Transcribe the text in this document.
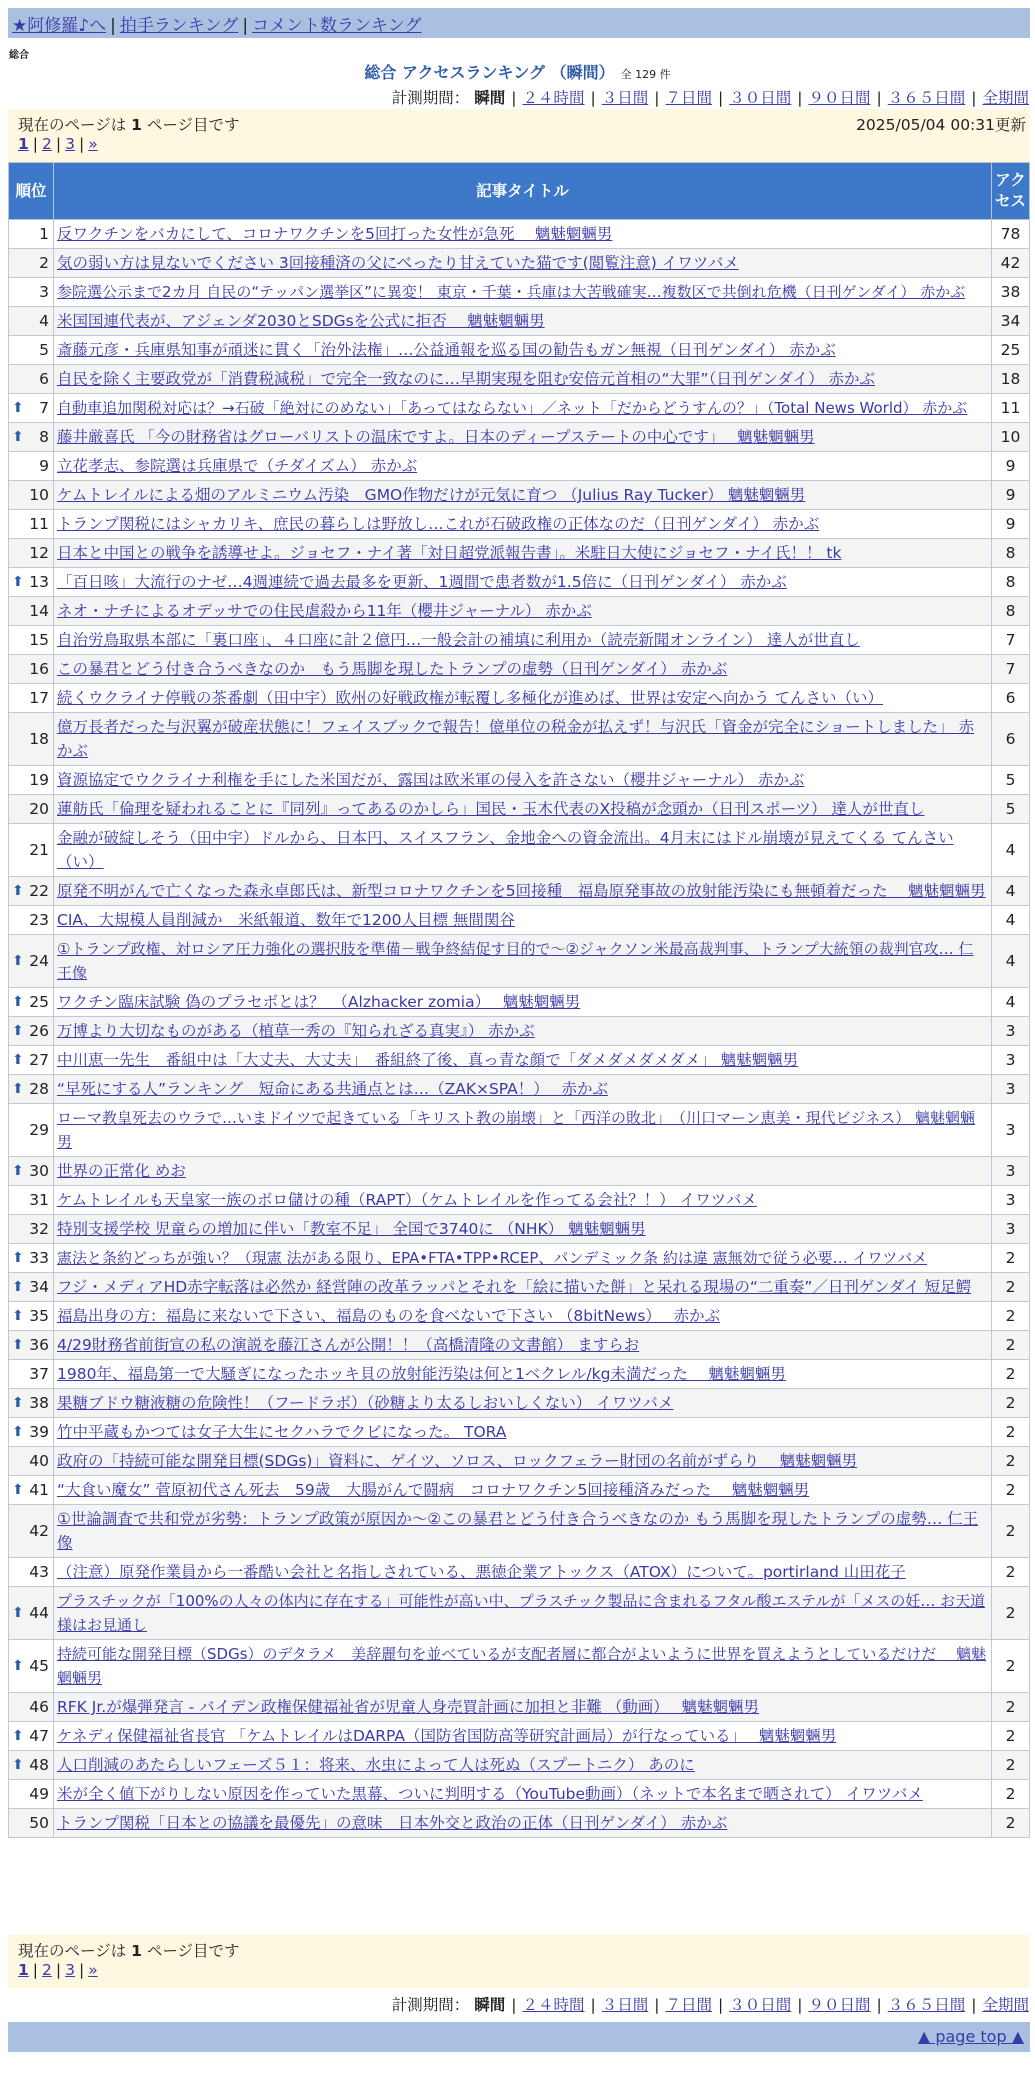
★阿修羅♪へ | 拍手ランキング | コメント数ランキング
総合
総合 アクセスランキング （瞬間） 全 129 件
計測期間： 瞬間 | ２４時間 | ３日間 | ７日間 | ３０日間 | ９０日間 | ３６５日間 | 全期間
現在のページは 1 ページ目です	2025/05/04 00:31更新
1 | 2 | 3 | »
順位	記事タイトル	アクセス
1	反ワクチンをバカにして、コロナワクチンを5回打った女性が急死　 魑魅魍魎男	78
2	気の弱い方は見ないでください 3回接種済の父にべったり甘えていた猫です(閲覧注意) イワツバメ	42
3	参院選公示まで2カ月 自民の“テッパン選挙区”に異変！ 東京・千葉・兵庫は大苦戦確実…複数区で共倒れ危機（日刊ゲンダイ） 赤かぶ	38
4	米国国連代表が、アジェンダ2030とSDGsを公式に拒否　 魑魅魍魎男	34
5	斎藤元彦・兵庫県知事が頑迷に貫く「治外法権」…公益通報を巡る国の勧告もガン無視（日刊ゲンダイ） 赤かぶ	25
6	自民を除く主要政党が「消費税減税」で完全一致なのに…早期実現を阻む安倍元首相の“大罪”（日刊ゲンダイ） 赤かぶ	18

⬆ 7	自動車追加関税対応は？→石破「絶対にのめない」「あってはならない」／ネット「だからどうすんの？」（Total News World） 赤かぶ	11

⬆ 8	藤井厳喜氏 「今の財務省はグローバリストの温床ですよ。日本のディープステートの中心です」　 魑魅魍魎男	10
9	立花孝志、参院選は兵庫県で（チダイズム） 赤かぶ	9
10	ケムトレイルによる畑のアルミニウム汚染　GMO作物だけが元気に育つ （Julius Ray Tucker） 魑魅魍魎男	9
11	トランプ関税にはシャカリキ、庶民の暮らしは野放し…これが石破政権の正体なのだ（日刊ゲンダイ） 赤かぶ	9
12	日本と中国との戦争を誘導せよ。ジョセフ・ナイ著「対日超党派報告書」。米駐日大使にジョセフ・ナイ氏！！ tk	8

⬆ 13	「百日咳」大流行のナゼ…4週連続で過去最多を更新、1週間で患者数が1.5倍に（日刊ゲンダイ） 赤かぶ	8
14	ネオ・ナチによるオデッサでの住民虐殺から11年（櫻井ジャーナル） 赤かぶ	8
15	自治労鳥取県本部に「裏口座」、４口座に計２億円…一般会計の補填に利用か（読売新聞オンライン） 達人が世直し	7
16	この暴君とどう付き合うべきなのか　もう馬脚を現したトランプの虚勢（日刊ゲンダイ） 赤かぶ	7
17	続くウクライナ停戦の茶番劇（田中宇）欧州の好戦政権が転覆し多極化が進めば、世界は安定へ向かう てんさい（い）	6
18	億万長者だった与沢翼が破産状態に！フェイスブックで報告！億単位の税金が払えず！与沢氏「資金が完全にショートしました」 赤かぶ	6
19	資源協定でウクライナ利権を手にした米国だが、露国は欧米軍の侵入を許さない（櫻井ジャーナル） 赤かぶ	5
20	蓮舫氏「倫理を疑われることに『同列』ってあるのかしら」国民・玉木代表のX投稿が念頭か（日刊スポーツ） 達人が世直し	5
21	金融が破綻しそう（田中宇）ドルから、日本円、スイスフラン、金地金への資金流出。4月末にはドル崩壊が見えてくる てんさい（い）	4

⬆ 22	原発不明がんで亡くなった森永卓郎氏は、新型コロナワクチンを5回接種　福島原発事故の放射能汚染にも無頓着だった　 魑魅魍魎男	4
23	CIA、大規模人員削減か　米紙報道、数年で1200人目標 無間関谷	4

⬆ 24	①トランプ政権、対ロシア圧力強化の選択肢を準備－戦争終結促す目的で～②ジャクソン米最高裁判事、トランプ大統領の裁判官攻… 仁王像	4

⬆ 25	ワクチン臨床試験 偽のプラセボとは？　（Alzhacker zomia）　 魑魅魍魎男	4

⬆ 26	万博より大切なものがある（植草一秀の『知られざる真実』） 赤かぶ	3

⬆ 27	中川恵一先生　番組中は「大丈夫、大丈夫」　番組終了後、真っ青な顔で「ダメダメダメダメ」 魑魅魍魎男	3

⬆ 28	“早死にする人”ランキング　短命にある共通点とは…（ZAK×SPA！）　 赤かぶ	3
29	ローマ教皇死去のウラで…いまドイツで起きている「キリスト教の崩壊」と「西洋の敗北」　（川口マーン恵美・現代ビジネス） 魑魅魍魎男	3

⬆ 30	世界の正常化 めお	3
31	ケムトレイルも天皇家一族のボロ儲けの種（RAPT）（ケムトレイルを作ってる会社？！） イワツバメ	3
32	特別支援学校 児童らの増加に伴い「教室不足」 全国で3740に （NHK） 魑魅魍魎男	3

⬆ 33	憲法と条約どっちが強い？（現憲 法がある限り、EPA•FTA•TPP•RCEP、パンデミック条 約は違 憲無効で従う必要… イワツバメ	2

⬆ 34	フジ・メディアHD赤字転落は必然か 経営陣の改革ラッパとそれを「絵に描いた餅」と呆れる現場の“二重奏”／日刊ゲンダイ 短足鰐	2

⬆ 35	福島出身の方：福島に来ないで下さい、福島のものを食べないで下さい （8bitNews）　 赤かぶ	2

⬆ 36	4/29財務省前街宣の私の演説を藤江さんが公開！！（高橋清隆の文書館） ますらお	2
37	1980年、福島第一で大騒ぎになったホッキ貝の放射能汚染は何と1ベクレル/kg未満だった　 魑魅魍魎男	2

⬆ 38	果糖ブドウ糖液糖の危険性！（フードラボ）（砂糖より太るしおいしくない） イワツバメ	2

⬆ 39	竹中平蔵もかつては女子大生にセクハラでクビになった。 TORA	2
40	政府の「持続可能な開発目標(SDGs)」資料に、ゲイツ、ソロス、ロックフェラー財団の名前がずらり　 魑魅魍魎男	2

⬆ 41	“大食い魔女” 菅原初代さん死去　59歳　大腸がんで闘病　コロナワクチン5回接種済みだった　 魑魅魍魎男	2
42	①世論調査で共和党が劣勢：トランプ政策が原因か～②この暴君とどう付き合うべきなのか もう馬脚を現したトランプの虚勢… 仁王像	2
43	（注意）原発作業員から一番酷い会社と名指しされている、悪徳企業アトックス（ATOX）について。portirland 山田花子	2

⬆ 44	プラスチックが「100%の人々の体内に存在する」可能性が高い中、プラスチック製品に含まれるフタル酸エステルが「メスの妊… お天道様はお見通し	2

⬆ 45	持続可能な開発目標（SDGs）のデタラメ　美辞麗句を並べているが支配者層に都合がよいように世界を買えようとしているだけだ　 魑魅魍魎男	2
46	RFK Jr.が爆弾発言 - バイデン政権保健福祉省が児童人身売買計画に加担と非難 （動画）　 魑魅魍魎男	2

⬆ 47	ケネディ保健福祉省長官 「ケムトレイルはDARPA（国防省国防高等研究計画局）が行なっている」　 魑魅魍魎男	2

⬆ 48	人口削減のあたらしいフェーズ５１：将来、水虫によって人は死ぬ（スプートニク） あのに	2
49	米が全く値下がりしない原因を作っていた黒幕、ついに判明する（YouTube動画）（ネットで本名まで晒されて） イワツバメ	2
50	トランプ関税「日本との協議を最優先」の意味　日本外交と政治の正体（日刊ゲンダイ） 赤かぶ	2
現在のページは 1 ページ目です
1 | 2 | 3 | »
計測期間： 瞬間 | ２４時間 | ３日間 | ７日間 | ３０日間 | ９０日間 | ３６５日間 | 全期間
▲ page top ▲
